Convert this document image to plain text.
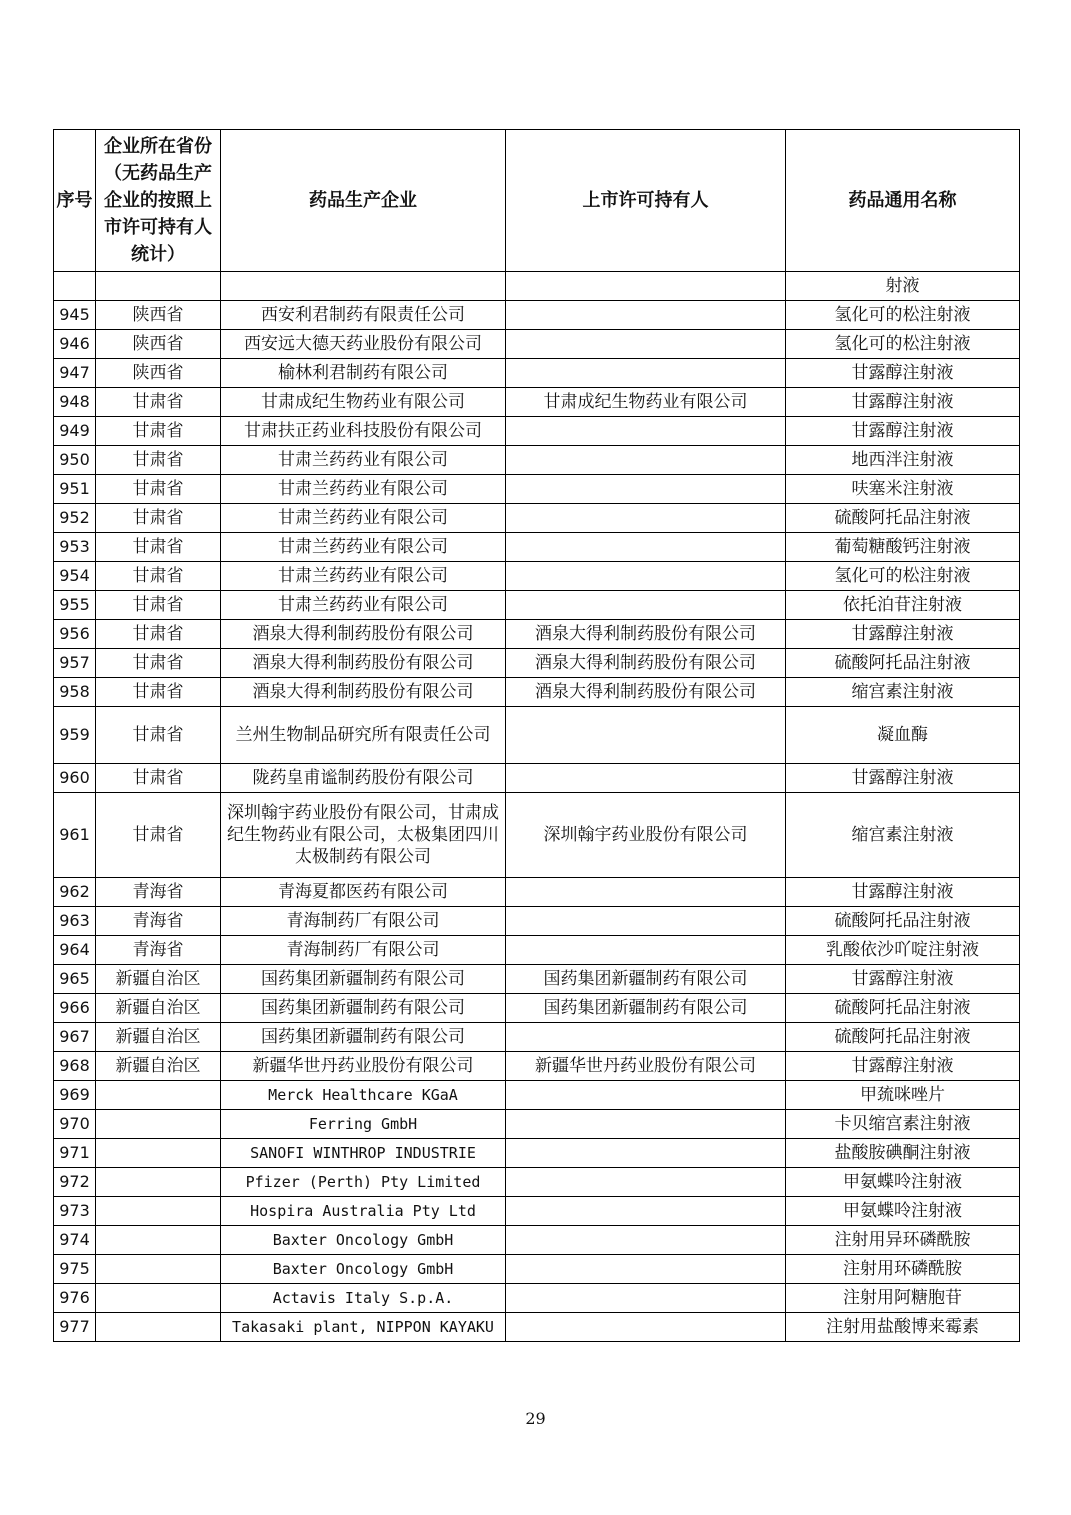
序号	企业所在省份（无药品生产企业的按照上市许可持有人统计）	药品生产企业	上市许可持有人	药品通用名称
				射液
945	陕西省	西安利君制药有限责任公司		氢化可的松注射液
946	陕西省	西安远大德天药业股份有限公司		氢化可的松注射液
947	陕西省	榆林利君制药有限公司		甘露醇注射液
948	甘肃省	甘肃成纪生物药业有限公司	甘肃成纪生物药业有限公司	甘露醇注射液
949	甘肃省	甘肃扶正药业科技股份有限公司		甘露醇注射液
950	甘肃省	甘肃兰药药业有限公司		地西泮注射液
951	甘肃省	甘肃兰药药业有限公司		呋塞米注射液
952	甘肃省	甘肃兰药药业有限公司		硫酸阿托品注射液
953	甘肃省	甘肃兰药药业有限公司		葡萄糖酸钙注射液
954	甘肃省	甘肃兰药药业有限公司		氢化可的松注射液
955	甘肃省	甘肃兰药药业有限公司		依托泊苷注射液
956	甘肃省	酒泉大得利制药股份有限公司	酒泉大得利制药股份有限公司	甘露醇注射液
957	甘肃省	酒泉大得利制药股份有限公司	酒泉大得利制药股份有限公司	硫酸阿托品注射液
958	甘肃省	酒泉大得利制药股份有限公司	酒泉大得利制药股份有限公司	缩宫素注射液
959	甘肃省	兰州生物制品研究所有限责任公司		凝血酶
960	甘肃省	陇药皇甫谧制药股份有限公司		甘露醇注射液
961	甘肃省	深圳翰宇药业股份有限公司，甘肃成纪生物药业有限公司，太极集团四川太极制药有限公司	深圳翰宇药业股份有限公司	缩宫素注射液
962	青海省	青海夏都医药有限公司		甘露醇注射液
963	青海省	青海制药厂有限公司		硫酸阿托品注射液
964	青海省	青海制药厂有限公司		乳酸依沙吖啶注射液
965	新疆自治区	国药集团新疆制药有限公司	国药集团新疆制药有限公司	甘露醇注射液
966	新疆自治区	国药集团新疆制药有限公司	国药集团新疆制药有限公司	硫酸阿托品注射液
967	新疆自治区	国药集团新疆制药有限公司		硫酸阿托品注射液
968	新疆自治区	新疆华世丹药业股份有限公司	新疆华世丹药业股份有限公司	甘露醇注射液
969		Merck Healthcare KGaA		甲巯咪唑片
970		Ferring GmbH		卡贝缩宫素注射液
971		SANOFI WINTHROP INDUSTRIE		盐酸胺碘酮注射液
972		Pfizer (Perth) Pty Limited		甲氨蝶呤注射液
973		Hospira Australia Pty Ltd		甲氨蝶呤注射液
974		Baxter Oncology GmbH		注射用异环磷酰胺
975		Baxter Oncology GmbH		注射用环磷酰胺
976		Actavis Italy S.p.A.		注射用阿糖胞苷
977		Takasaki plant, NIPPON KAYAKU		注射用盐酸博来霉素
29
